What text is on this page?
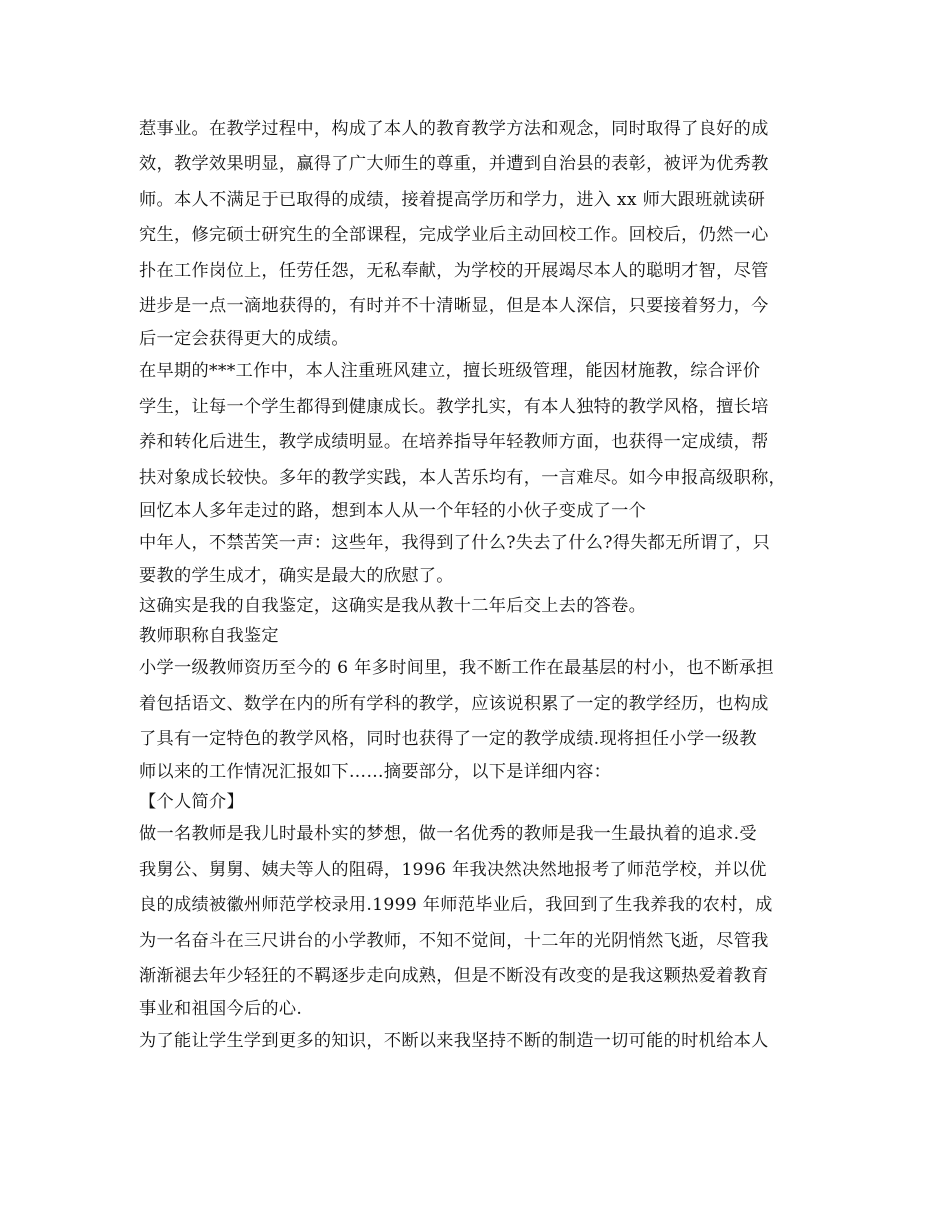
惹事业。在教学过程中，构成了本人的教育教学方法和观念，同时取得了良好的成
效，教学效果明显，赢得了广大师生的尊重，并遭到自治县的表彰，被评为优秀教
师。本人不满足于已取得的成绩，接着提高学历和学力，进入 xx 师大跟班就读研
究生，修完硕士研究生的全部课程，完成学业后主动回校工作。回校后，仍然一心
扑在工作岗位上，任劳任怨，无私奉献，为学校的开展竭尽本人的聪明才智，尽管
进步是一点一滴地获得的，有时并不十清晰显，但是本人深信，只要接着努力，今
后一定会获得更大的成绩。
在早期的***工作中，本人注重班风建立，擅长班级管理，能因材施教，综合评价
学生，让每一个学生都得到健康成长。教学扎实，有本人独特的教学风格，擅长培
养和转化后进生，教学成绩明显。在培养指导年轻教师方面，也获得一定成绩，帮
扶对象成长较快。多年的教学实践，本人苦乐均有，一言难尽。如今申报高级职称，
回忆本人多年走过的路，想到本人从一个年轻的小伙子变成了一个
中年人，不禁苦笑一声：这些年，我得到了什么?失去了什么?得失都无所谓了，只
要教的学生成才，确实是最大的欣慰了。
这确实是我的自我鉴定，这确实是我从教十二年后交上去的答卷。
教师职称自我鉴定
小学一级教师资历至今的 6 年多时间里，我不断工作在最基层的村小，也不断承担
着包括语文、数学在内的所有学科的教学，应该说积累了一定的教学经历，也构成
了具有一定特色的教学风格，同时也获得了一定的教学成绩.现将担任小学一级教
师以来的工作情况汇报如下……摘要部分，以下是详细内容：
【个人简介】
做一名教师是我儿时最朴实的梦想，做一名优秀的教师是我一生最执着的追求.受
我舅公、舅舅、姨夫等人的阻碍，1996 年我决然决然地报考了师范学校，并以优
良的成绩被徽州师范学校录用.1999 年师范毕业后，我回到了生我养我的农村，成
为一名奋斗在三尺讲台的小学教师，不知不觉间，十二年的光阴悄然飞逝，尽管我
渐渐褪去年少轻狂的不羁逐步走向成熟，但是不断没有改变的是我这颗热爱着教育
事业和祖国今后的心.
为了能让学生学到更多的知识，不断以来我坚持不断的制造一切可能的时机给本人
